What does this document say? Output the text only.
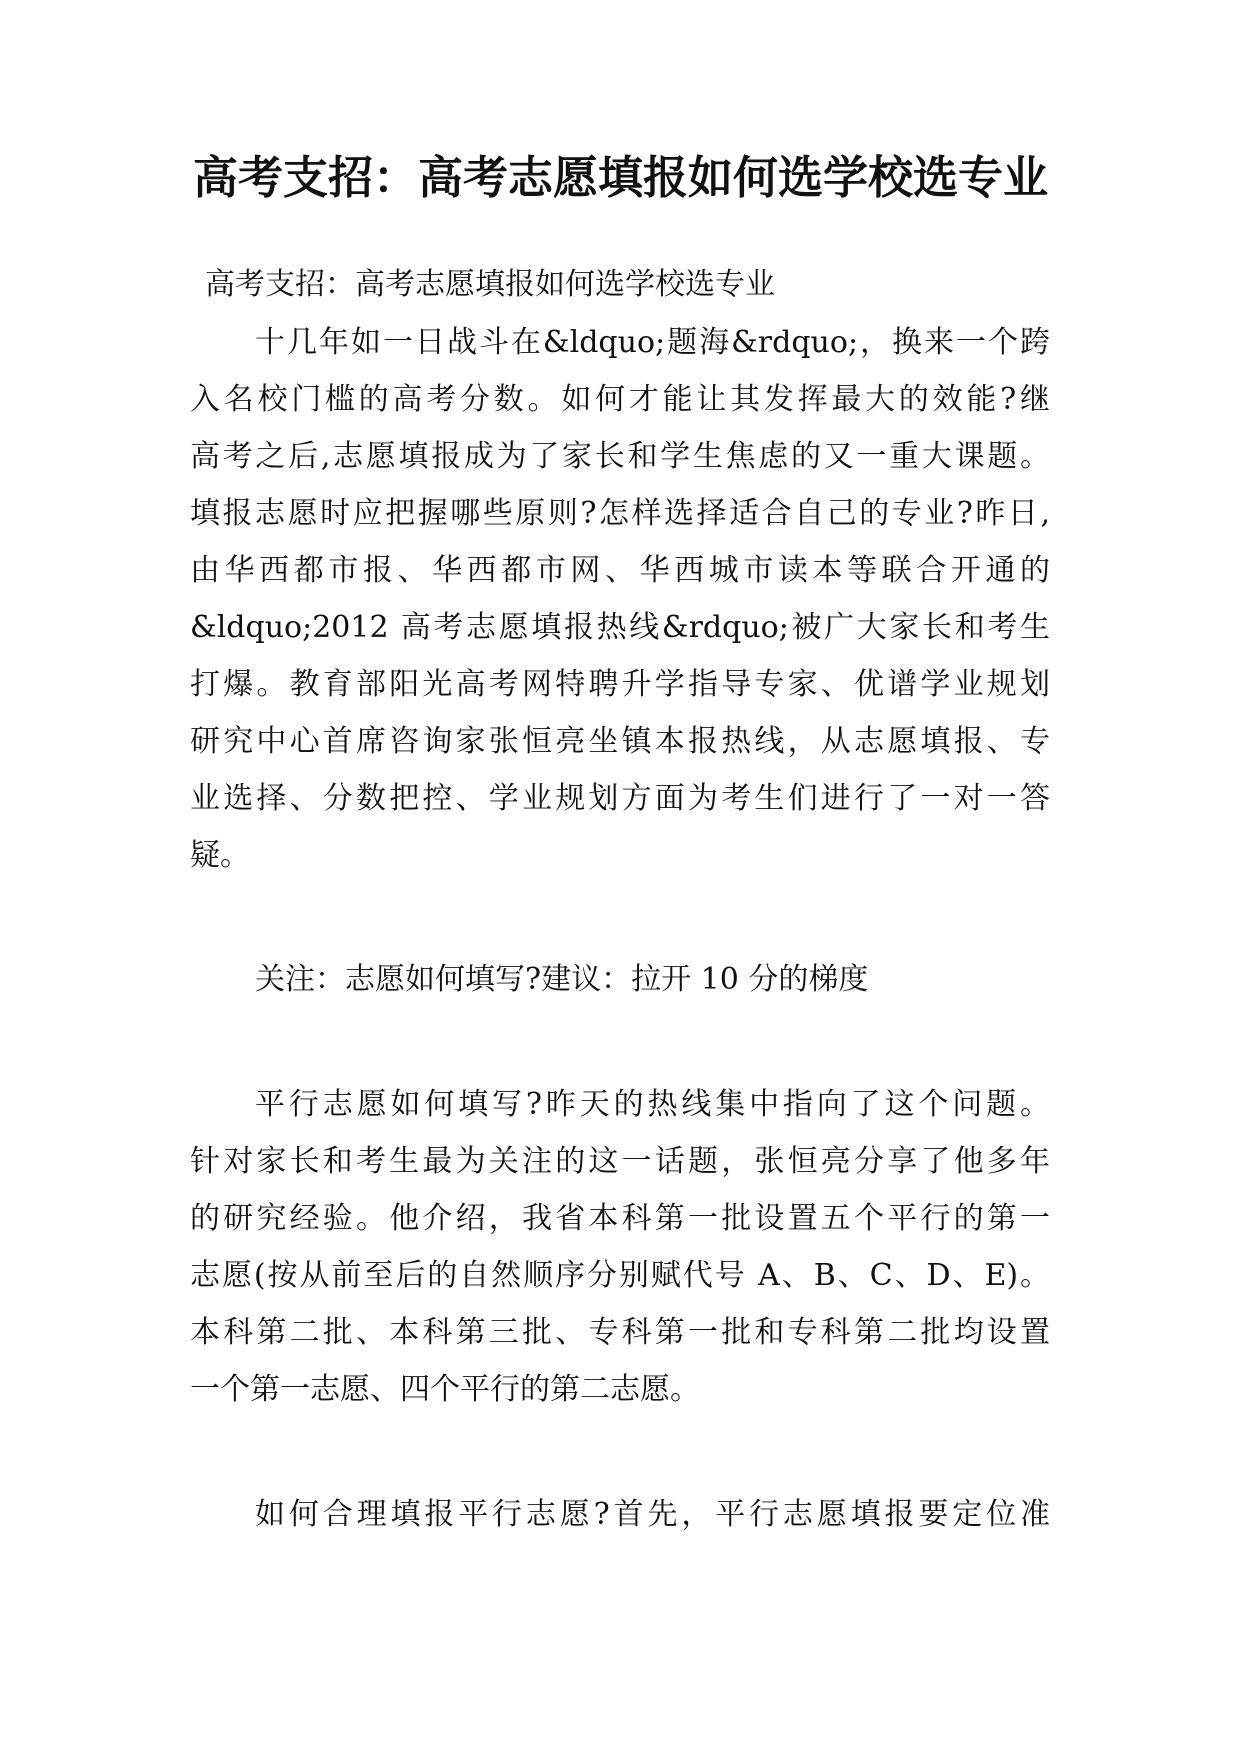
高考支招：高考志愿填报如何选学校选专业
高考支招：高考志愿填报如何选学校选专业
十几年如一日战斗在&ldquo;题海&rdquo;，换来一个跨
入名校门槛的高考分数。如何才能让其发挥最大的效能?继
高考之后,志愿填报成为了家长和学生焦虑的又一重大课题。
填报志愿时应把握哪些原则?怎样选择适合自己的专业?昨日,
由华西都市报、华西都市网、华西城市读本等联合开通的
&ldquo;2012 高考志愿填报热线&rdquo;被广大家长和考生
打爆。教育部阳光高考网特聘升学指导专家、优谱学业规划
研究中心首席咨询家张恒亮坐镇本报热线，从志愿填报、专
业选择、分数把控、学业规划方面为考生们进行了一对一答
疑。
关注：志愿如何填写?建议：拉开 10 分的梯度
平行志愿如何填写?昨天的热线集中指向了这个问题。
针对家长和考生最为关注的这一话题，张恒亮分享了他多年
的研究经验。他介绍，我省本科第一批设置五个平行的第一
志愿(按从前至后的自然顺序分别赋代号 A、B、C、D、E)。
本科第二批、本科第三批、专科第一批和专科第二批均设置
一个第一志愿、四个平行的第二志愿。
如何合理填报平行志愿?首先，平行志愿填报要定位准
